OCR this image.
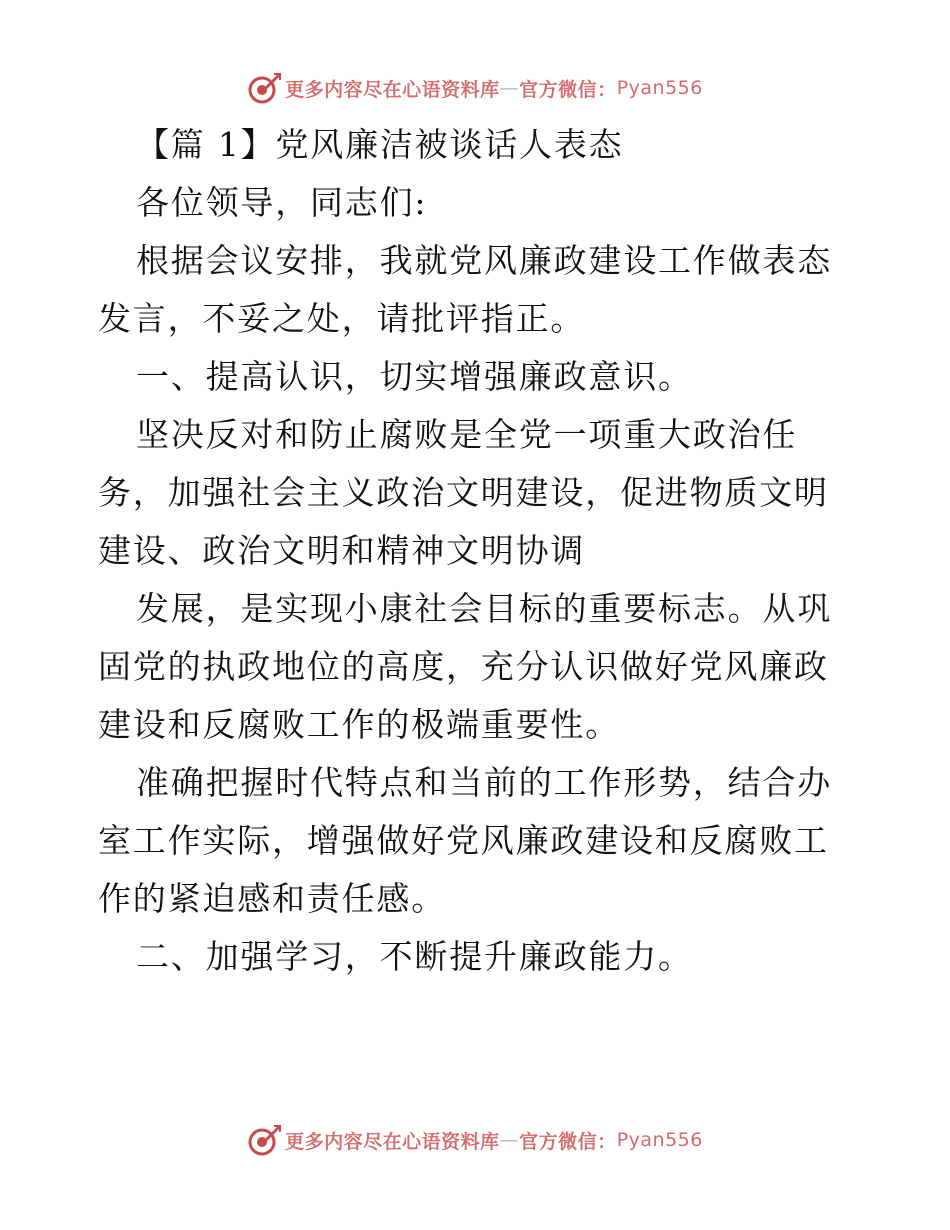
更多内容尽在心语资料库 — 官方微信： Pyan556

【篇 1】党风廉洁被谈话人表态

各位领导，同志们:

根据会议安排，我就党风廉政建设工作做表态发言，不妥之处，请批评指正。

一、提高认识，切实增强廉政意识。

坚决反对和防止腐败是全党一项重大政治任务，加强社会主义政治文明建设，促进物质文明建设、政治文明和精神文明协调

发展，是实现小康社会目标的重要标志。从巩固党的执政地位的高度，充分认识做好党风廉政建设和反腐败工作的极端重要性。

准确把握时代特点和当前的工作形势，结合办室工作实际，增强做好党风廉政建设和反腐败工作的紧迫感和责任感。

二、加强学习，不断提升廉政能力。

更多内容尽在心语资料库 — 官方微信： Pyan556
